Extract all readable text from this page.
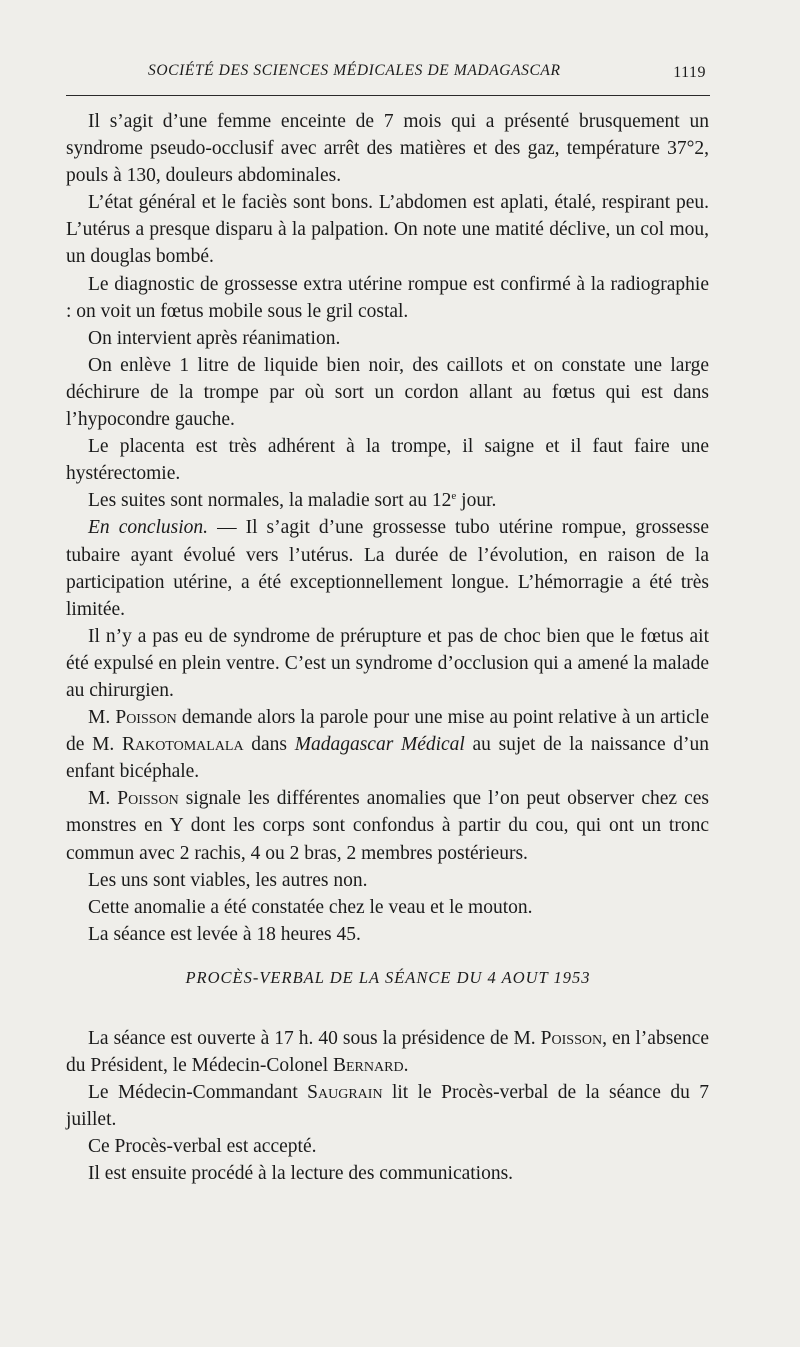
SOCIÉTÉ DES SCIENCES MÉDICALES DE MADAGASCAR	1119

Il s’agit d’une femme enceinte de 7 mois qui a présenté brusquement un syndrome pseudo-occlusif avec arrêt des matières et des gaz, température 37°2, pouls à 130, douleurs abdominales.

L’état général et le faciès sont bons. L’abdomen est aplati, étalé, respirant peu. L’utérus a presque disparu à la palpation. On note une matité déclive, un col mou, un douglas bombé.

Le diagnostic de grossesse extra utérine rompue est confirmé à la radiographie : on voit un fœtus mobile sous le gril costal.

On intervient après réanimation.

On enlève 1 litre de liquide bien noir, des caillots et on constate une large déchirure de la trompe par où sort un cordon allant au fœtus qui est dans l’hypocondre gauche.

Le placenta est très adhérent à la trompe, il saigne et il faut faire une hystérectomie.

Les suites sont normales, la maladie sort au 12e jour.

En conclusion. — Il s’agit d’une grossesse tubo utérine rompue, grossesse tubaire ayant évolué vers l’utérus. La durée de l’évolution, en raison de la participation utérine, a été exceptionnellement longue. L’hémorragie a été très limitée.

Il n’y a pas eu de syndrome de prérupture et pas de choc bien que le fœtus ait été expulsé en plein ventre. C’est un syndrome d’occlusion qui a amené la malade au chirurgien.

M. Poisson demande alors la parole pour une mise au point relative à un article de M. Rakotomalala dans Madagascar Médical au sujet de la naissance d’un enfant bicéphale.

M. Poisson signale les différentes anomalies que l’on peut observer chez ces monstres en Y dont les corps sont confondus à partir du cou, qui ont un tronc commun avec 2 rachis, 4 ou 2 bras, 2 membres postérieurs.

Les uns sont viables, les autres non.

Cette anomalie a été constatée chez le veau et le mouton.

La séance est levée à 18 heures 45.

PROCÈS-VERBAL DE LA SÉANCE DU 4 AOUT 1953

La séance est ouverte à 17 h. 40 sous la présidence de M. Poisson, en l’absence du Président, le Médecin-Colonel Bernard.

Le Médecin-Commandant Saugrain lit le Procès-verbal de la séance du 7 juillet.

Ce Procès-verbal est accepté.

Il est ensuite procédé à la lecture des communications.
